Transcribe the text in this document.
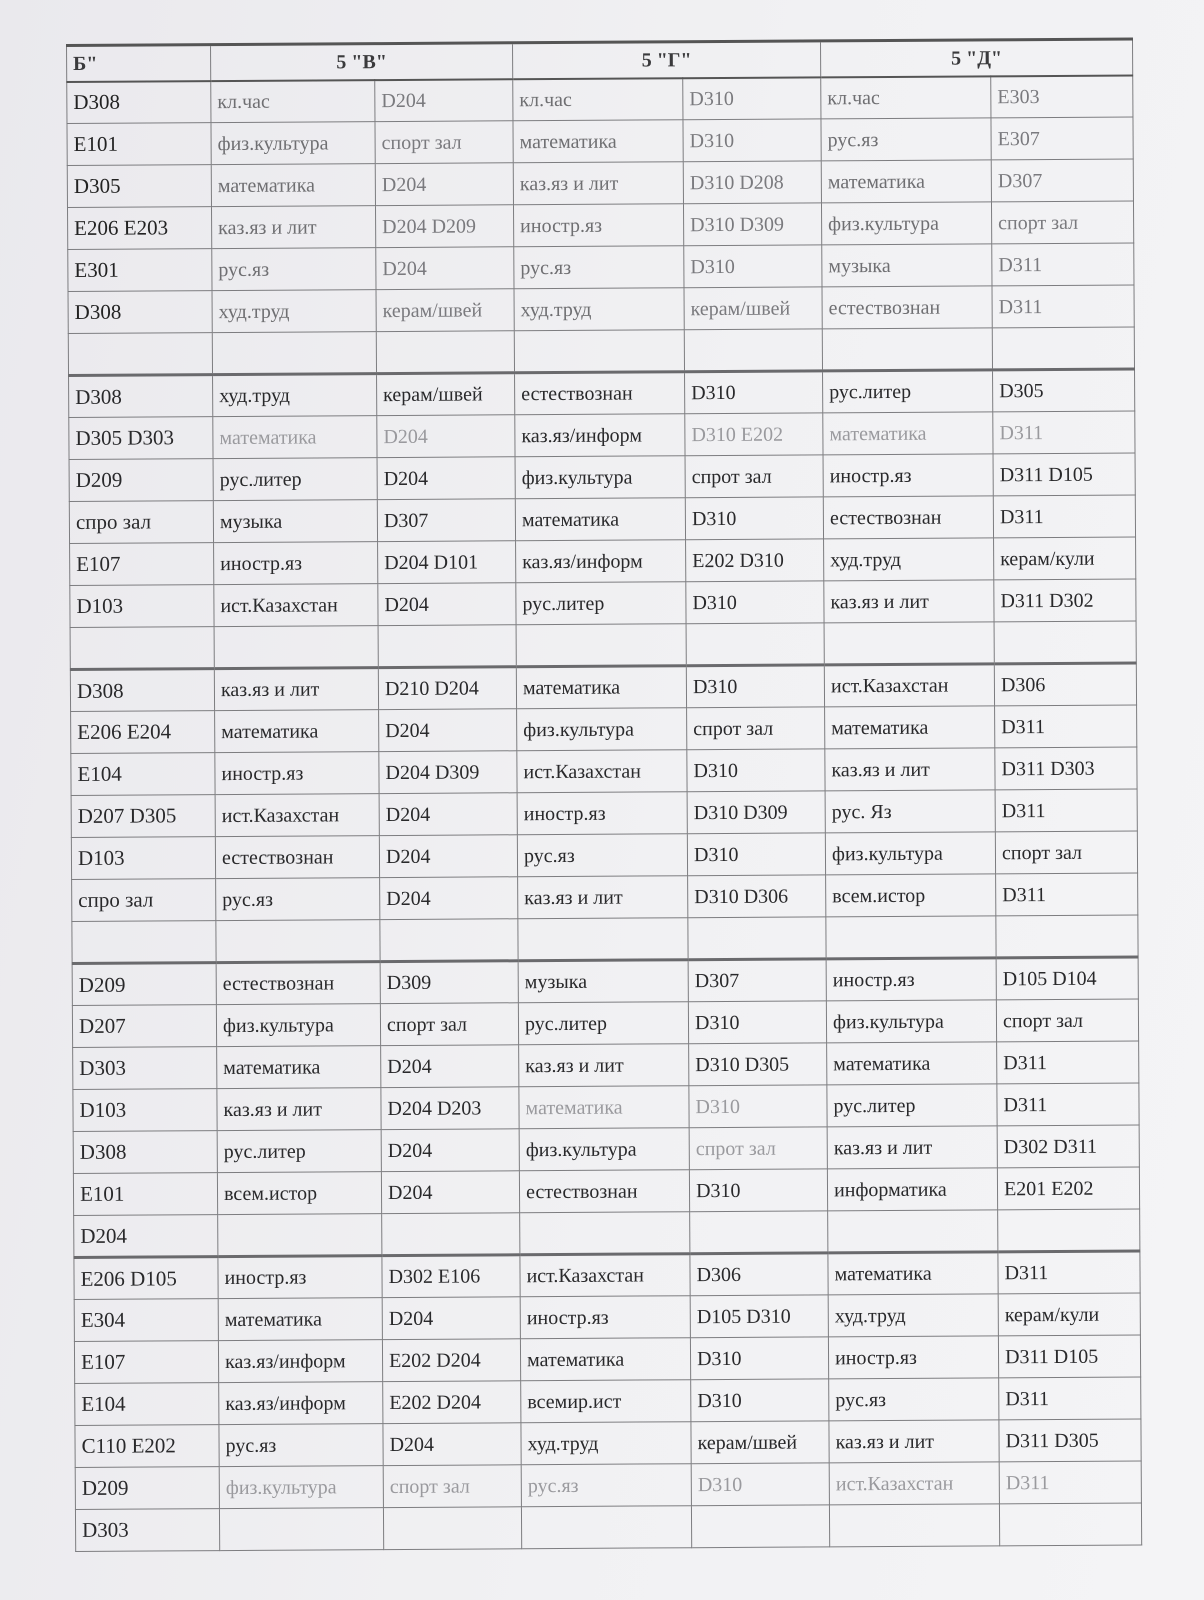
Б"	5 "В"		5 "Г"		5 "Д"	
D308	кл.час	D204	кл.час	D310	кл.час	E303
E101	физ.культура	спорт зал	математика	D310	рус.яз	E307
D305	математика	D204	каз.яз и лит	D310 D208	математика	D307
E206 E203	каз.яз и лит	D204 D209	иностр.яз	D310 D309	физ.культура	спорт зал
E301	рус.яз	D204	рус.яз	D310	музыка	D311
D308	худ.труд	керам/швей	худ.труд	керам/швей	естествознан	D311

D308	худ.труд	керам/швей	естествознан	D310	рус.литер	D305
D305 D303	математика	D204	каз.яз/информ	D310 E202	математика	D311
D209	рус.литер	D204	физ.культура	спрот зал	иностр.яз	D311 D105
спро зал	музыка	D307	математика	D310	естествознан	D311
E107	иностр.яз	D204 D101	каз.яз/информ	E202 D310	худ.труд	керам/кули
D103	ист.Казахстан	D204	рус.литер	D310	каз.яз и лит	D311 D302

D308	каз.яз и лит	D210 D204	математика	D310	ист.Казахстан	D306
E206 E204	математика	D204	физ.культура	спрот зал	математика	D311
E104	иностр.яз	D204 D309	ист.Казахстан	D310	каз.яз и лит	D311 D303
D207 D305	ист.Казахстан	D204	иностр.яз	D310 D309	рус. Яз	D311
D103	естествознан	D204	рус.яз	D310	физ.культура	спорт зал
спро зал	рус.яз	D204	каз.яз и лит	D310 D306	всем.истор	D311

D209	естествознан	D309	музыка	D307	иностр.яз	D105 D104
D207	физ.культура	спорт зал	рус.литер	D310	физ.культура	спорт зал
D303	математика	D204	каз.яз и лит	D310 D305	математика	D311
D103	каз.яз и лит	D204 D203	математика	D310	рус.литер	D311
D308	рус.литер	D204	физ.культура	спрот зал	каз.яз и лит	D302 D311
E101	всем.истор	D204	естествознан	D310	информатика	E201 E202
D204						
E206 D105	иностр.яз	D302 E106	ист.Казахстан	D306	математика	D311
E304	математика	D204	иностр.яз	D105 D310	худ.труд	керам/кули
E107	каз.яз/информ	E202 D204	математика	D310	иностр.яз	D311 D105
E104	каз.яз/информ	E202 D204	всемир.ист	D310	рус.яз	D311
C110 E202	рус.яз	D204	худ.труд	керам/швей	каз.яз и лит	D311 D305
D209	физ.культура	спорт зал	рус.яз	D310	ист.Казахстан	D311
D303						
